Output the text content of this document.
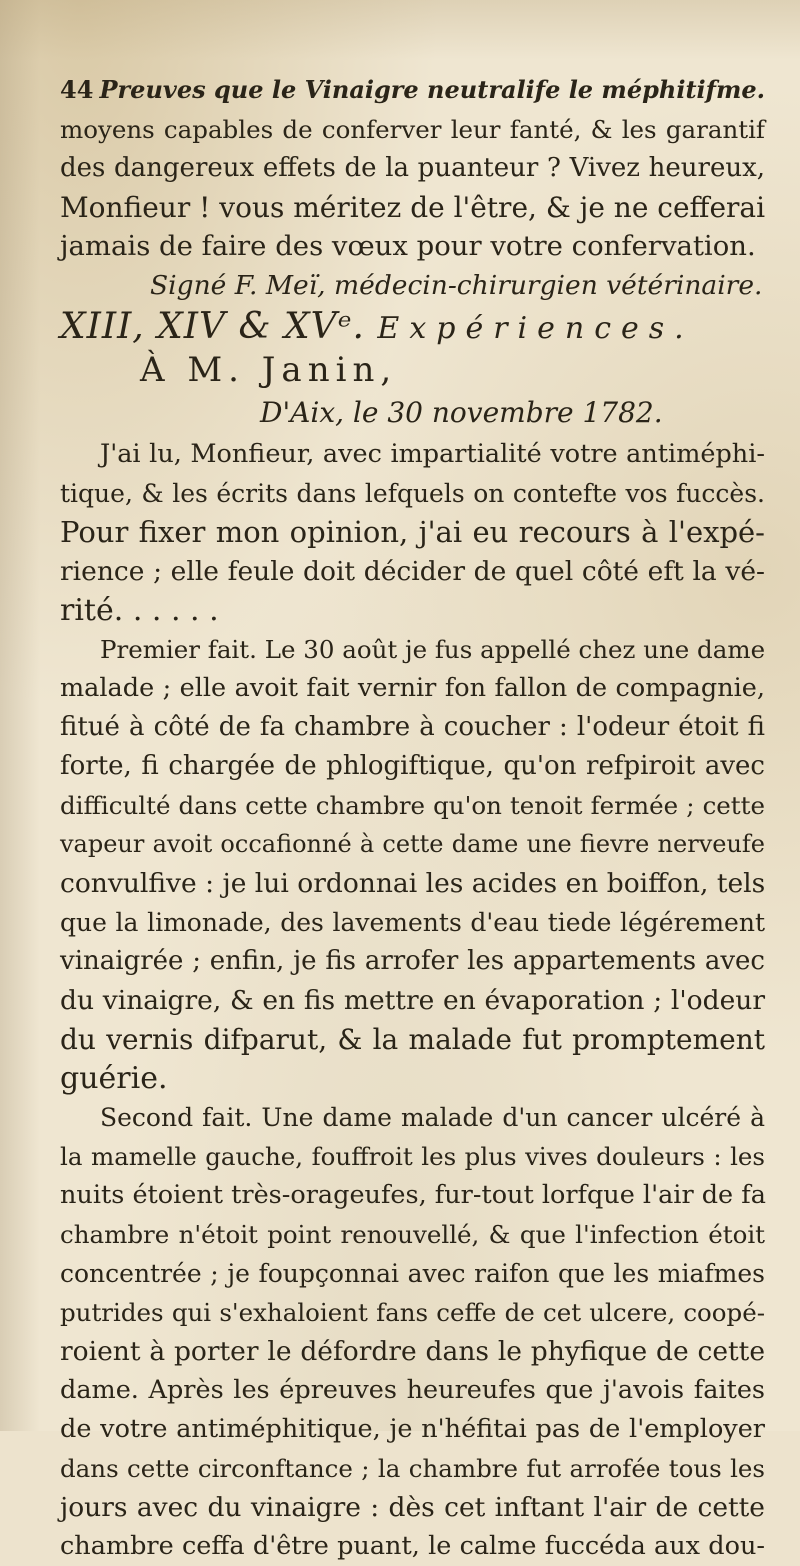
44 Preuves que le Vinaigre neutralife le méphitifme.
moyens capables de conferver leur fanté, & les garantif
des dangereux effets de la puanteur ? Vivez heureux,
Monfieur ! vous méritez de l'être, & je ne cefferai
jamais de faire des vœux pour votre confervation.
Signé F. Meï, médecin-chirurgien vétérinaire.
XIII, XIV & XVᵉ. Expériences.
À M. Janin,
D'Aix, le 30 novembre 1782.
J'ai lu, Monfieur, avec impartialité votre antiméphi-
tique, & les écrits dans lefquels on contefte vos fuccès.
Pour fixer mon opinion, j'ai eu recours à l'expé-
rience ; elle feule doit décider de quel côté eft la vé-
rité. . . . . .
Premier fait. Le 30 août je fus appellé chez une dame
malade ; elle avoit fait vernir fon fallon de compagnie,
fitué à côté de fa chambre à coucher : l'odeur étoit fi
forte, fi chargée de phlogiftique, qu'on refpiroit avec
difficulté dans cette chambre qu'on tenoit fermée ; cette
vapeur avoit occafionné à cette dame une fievre nerveufe
convulfive : je lui ordonnai les acides en boiffon, tels
que la limonade, des lavements d'eau tiede légérement
vinaigrée ; enfin, je fis arrofer les appartements avec
du vinaigre, & en fis mettre en évaporation ; l'odeur
du vernis difparut, & la malade fut promptement
guérie.
Second fait. Une dame malade d'un cancer ulcéré à
la mamelle gauche, fouffroit les plus vives douleurs : les
nuits étoient très-orageufes, fur-tout lorfque l'air de fa
chambre n'étoit point renouvellé, & que l'infection étoit
concentrée ; je foupçonnai avec raifon que les miafmes
putrides qui s'exhaloient fans ceffe de cet ulcere, coopé-
roient à porter le défordre dans le phyfique de cette
dame. Après les épreuves heureufes que j'avois faites
de votre antiméphitique, je n'héfitai pas de l'employer
dans cette circonftance ; la chambre fut arrofée tous les
jours avec du vinaigre : dès cet inftant l'air de cette
chambre ceffa d'être puant, le calme fuccéda aux dou-
